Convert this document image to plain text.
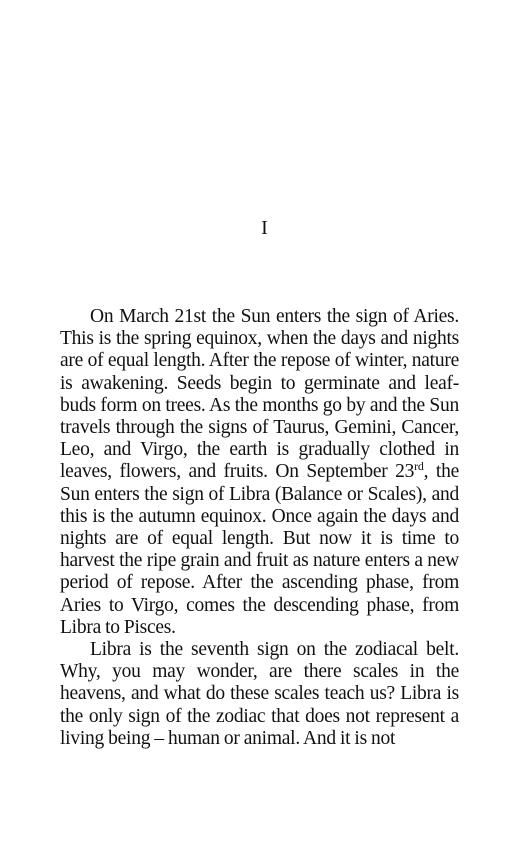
I

On March 21st the Sun enters the sign of Aries. This is the spring equinox, when the days and nights are of equal length. After the repose of winter, nature is awakening. Seeds begin to germinate and leaf-buds form on trees. As the months go by and the Sun travels through the signs of Taurus, Gemini, Cancer, Leo, and Virgo, the earth is gradually clothed in leaves, flowers, and fruits. On September 23rd, the Sun enters the sign of Libra (Balance or Scales), and this is the autumn equinox. Once again the days and nights are of equal length. But now it is time to harvest the ripe grain and fruit as nature enters a new period of repose. After the ascending phase, from Aries to Virgo, comes the descending phase, from Libra to Pisces.

Libra is the seventh sign on the zodiacal belt. Why, you may wonder, are there scales in the heavens, and what do these scales teach us? Libra is the only sign of the zodiac that does not represent a living being – human or animal. And it is not
